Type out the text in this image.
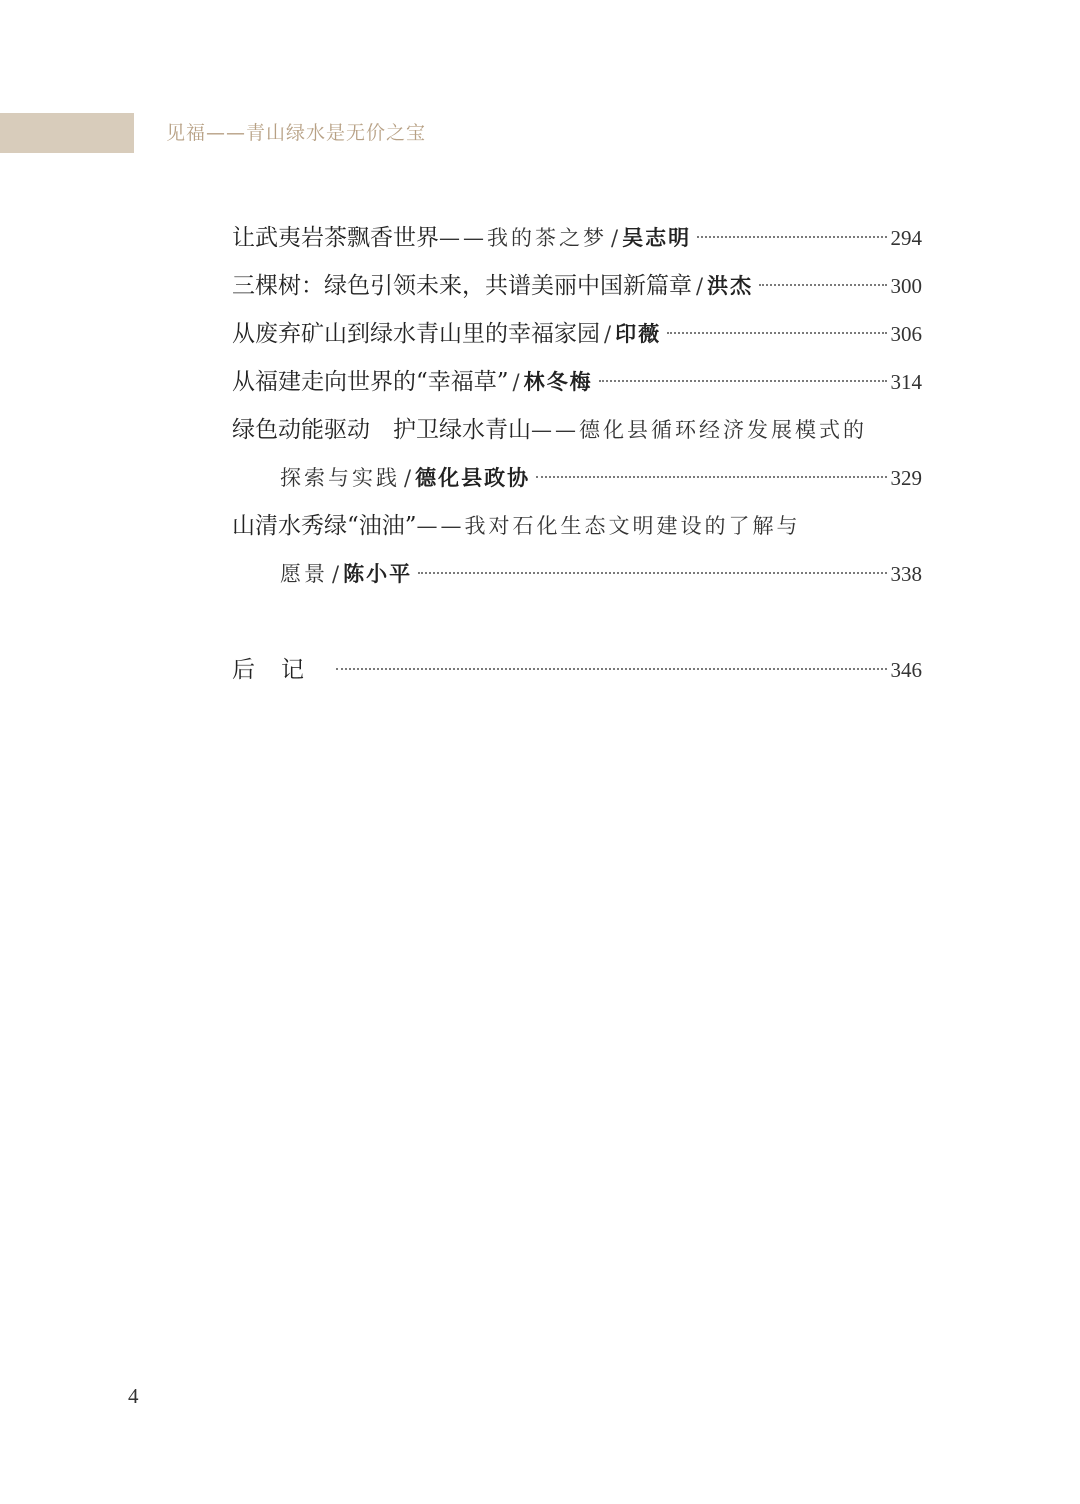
见福——青山绿水是无价之宝
让武夷岩茶飘香世界 ——我的茶之梦 / 吴志明	294
三棵树：绿色引领未来，共谱美丽中国新篇章 / 洪杰	300
从废弃矿山到绿水青山里的幸福家园 / 印薇	306
从福建走向世界的“幸福草” / 林冬梅	314
绿色动能驱动　护卫绿水青山 ——德化县循环经济发展模式的
探索与实践 / 德化县政协	329
山清水秀绿“油油” ——我对石化生态文明建设的了解与
愿景 / 陈小平	338
后记	346
4
